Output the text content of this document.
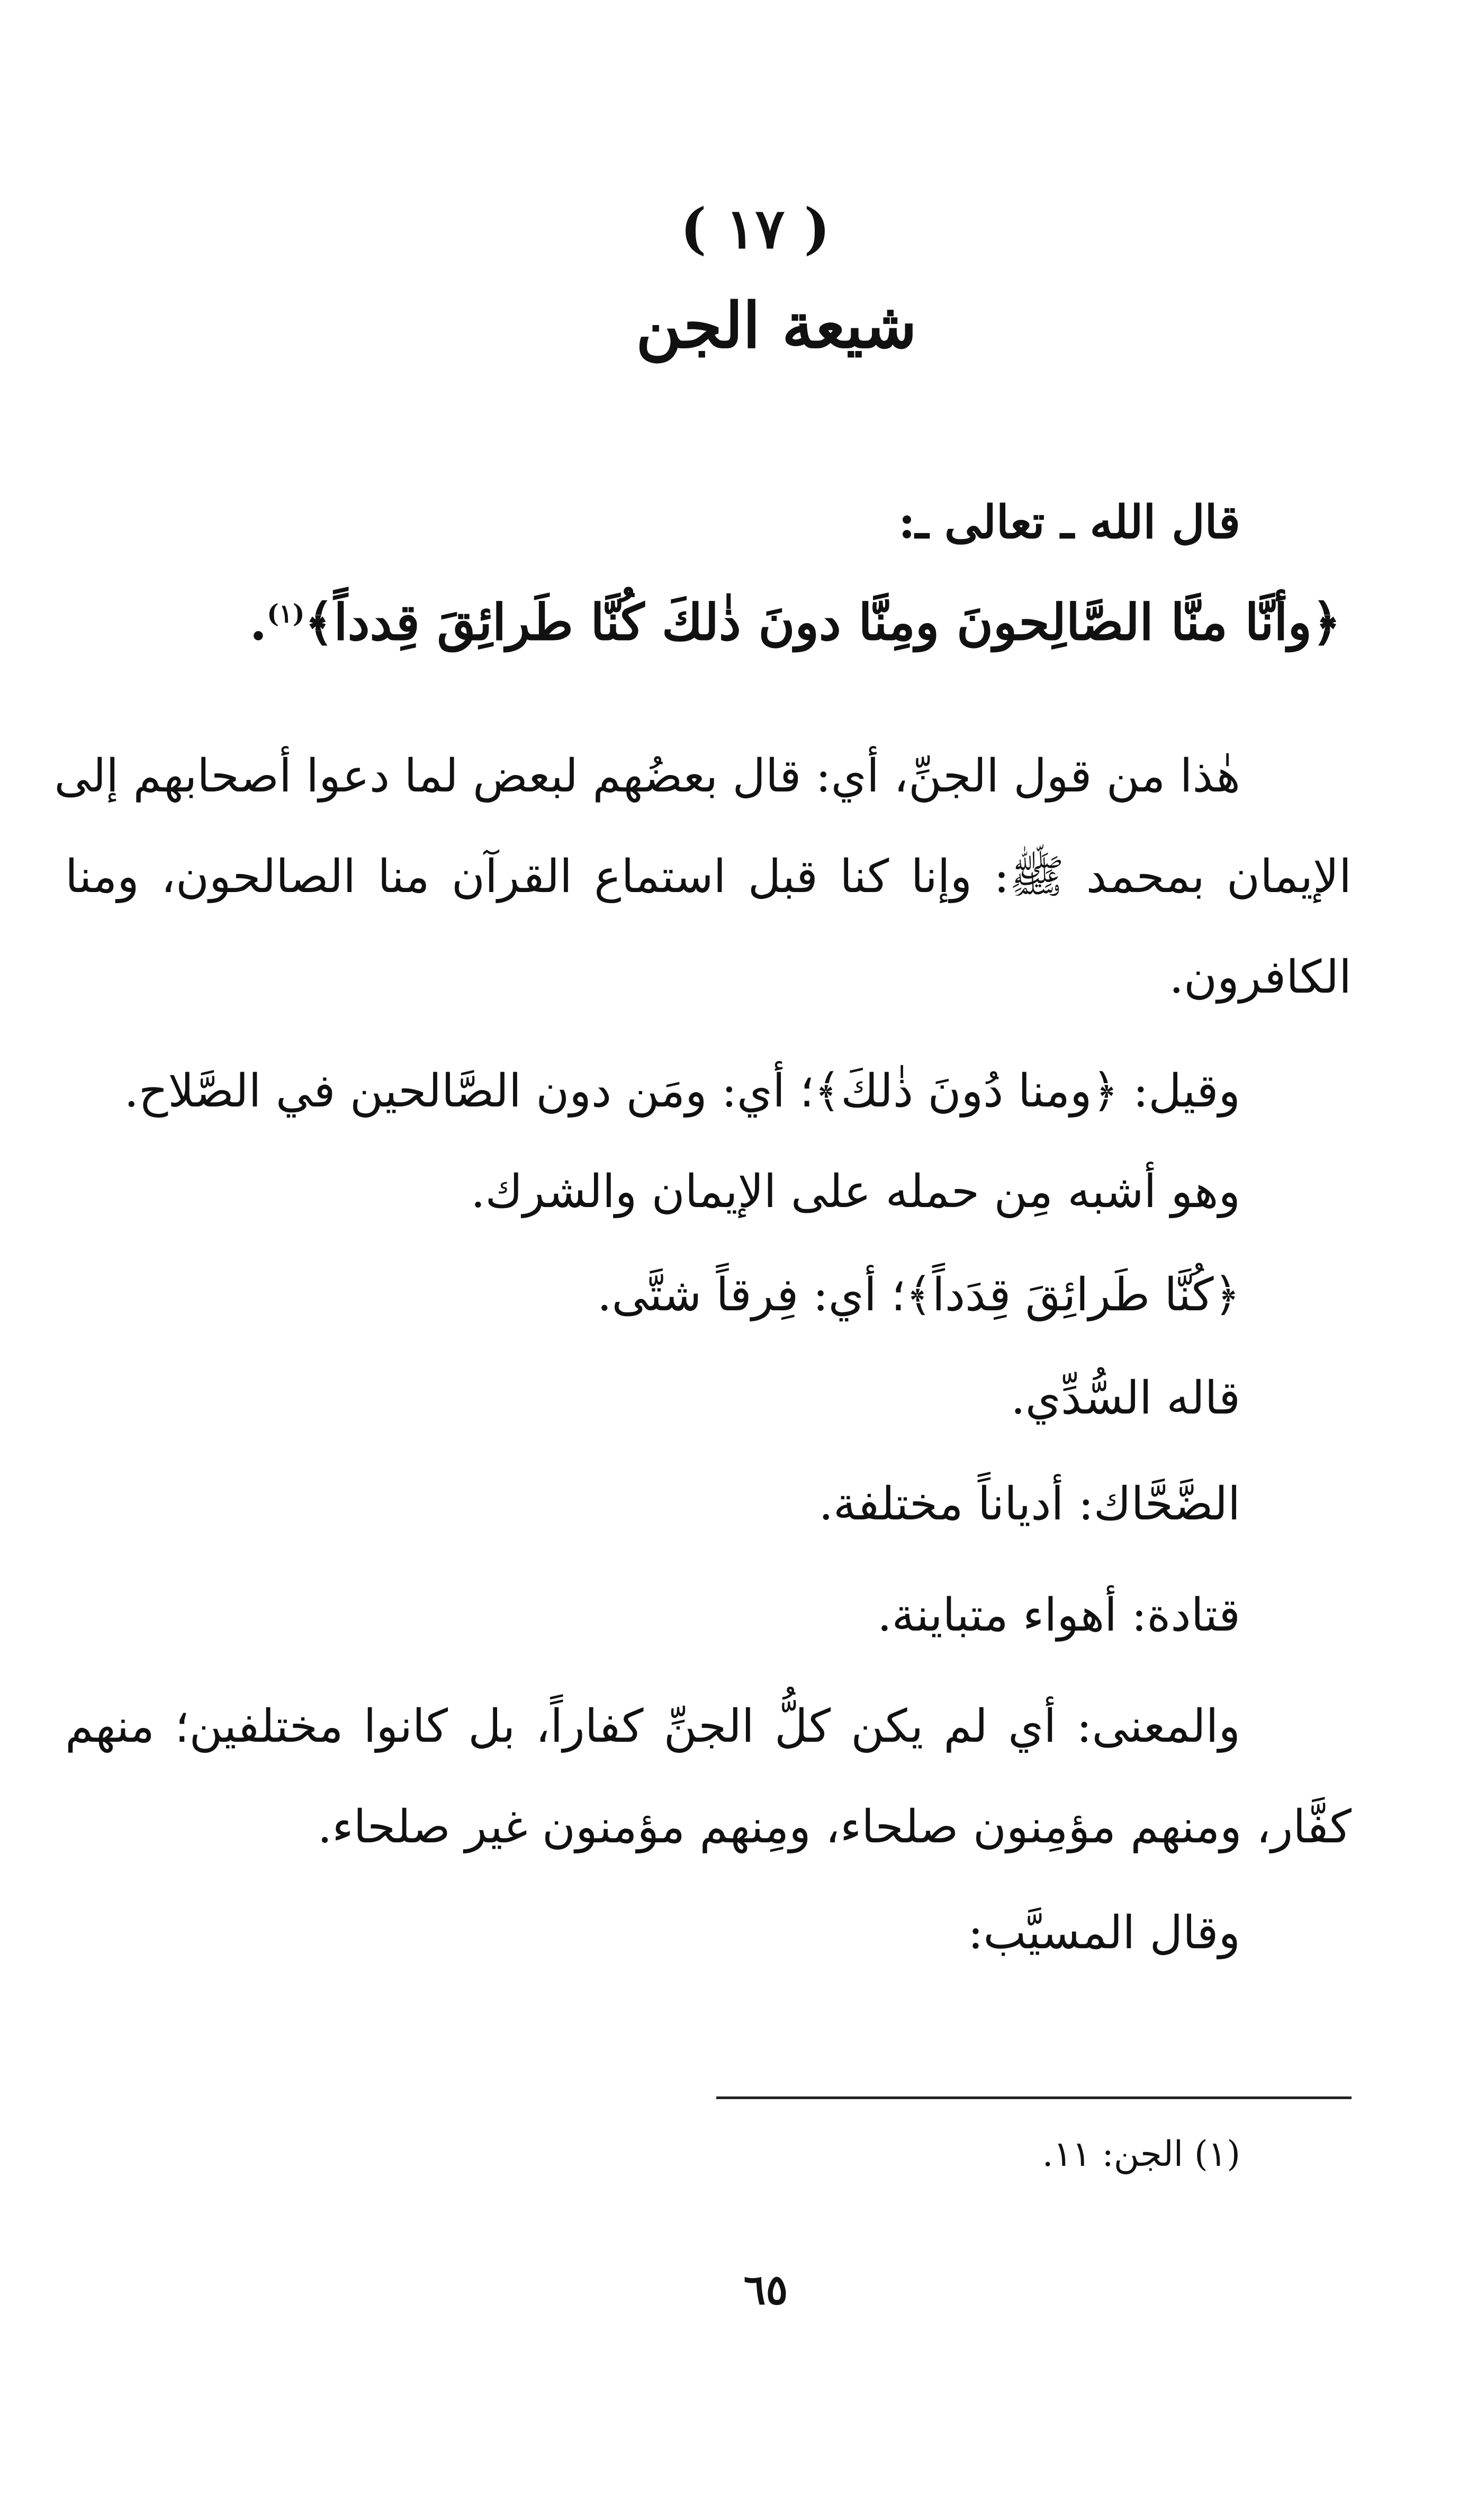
( ١٧ )
شيعة الجن
قال الله ـ تعالى ـ:
﴿وأنَّا منَّا الصَّالِحونَ ومِنَّا دونَ ذٰلكَ كُنَّا طَرائِقَ قِدداً﴾$^{(١)}$.
هٰذا من قول الجنِّ، أي: قال بعضُهم لبعض لما دعوا أصحابهم إلى
الإيمان بمحمد ﷺ: وإنا كنا قبل استماع القرآن منا الصالحون، ومنا
الكافرون.
وقيل: ﴿ومنا دُونَ ذٰلكَ﴾؛ أي: ومَن دون الصَّالحين في الصَّلاح.
وهو أشبه مِن حمله على الإيمان والشرك.
﴿كُنَّا طَرائِقَ قِدَداً﴾؛ أي: فِرقاً شتَّى.
قاله السُّدِّي.
الضَّحَّاك: أدياناً مختلفة.
قتادة: أهواء متباينة.
والمعنى: أي لم يكن كلُّ الجنِّ كفاراً، بل كانوا مختلفين؛ منهم
كفَّار، ومنهم مؤمِنون صلحاء، ومِنهم مؤمنون غير صلحاء.
وقال المسيَّب:
(١) الجن: ١١.
٦٥
